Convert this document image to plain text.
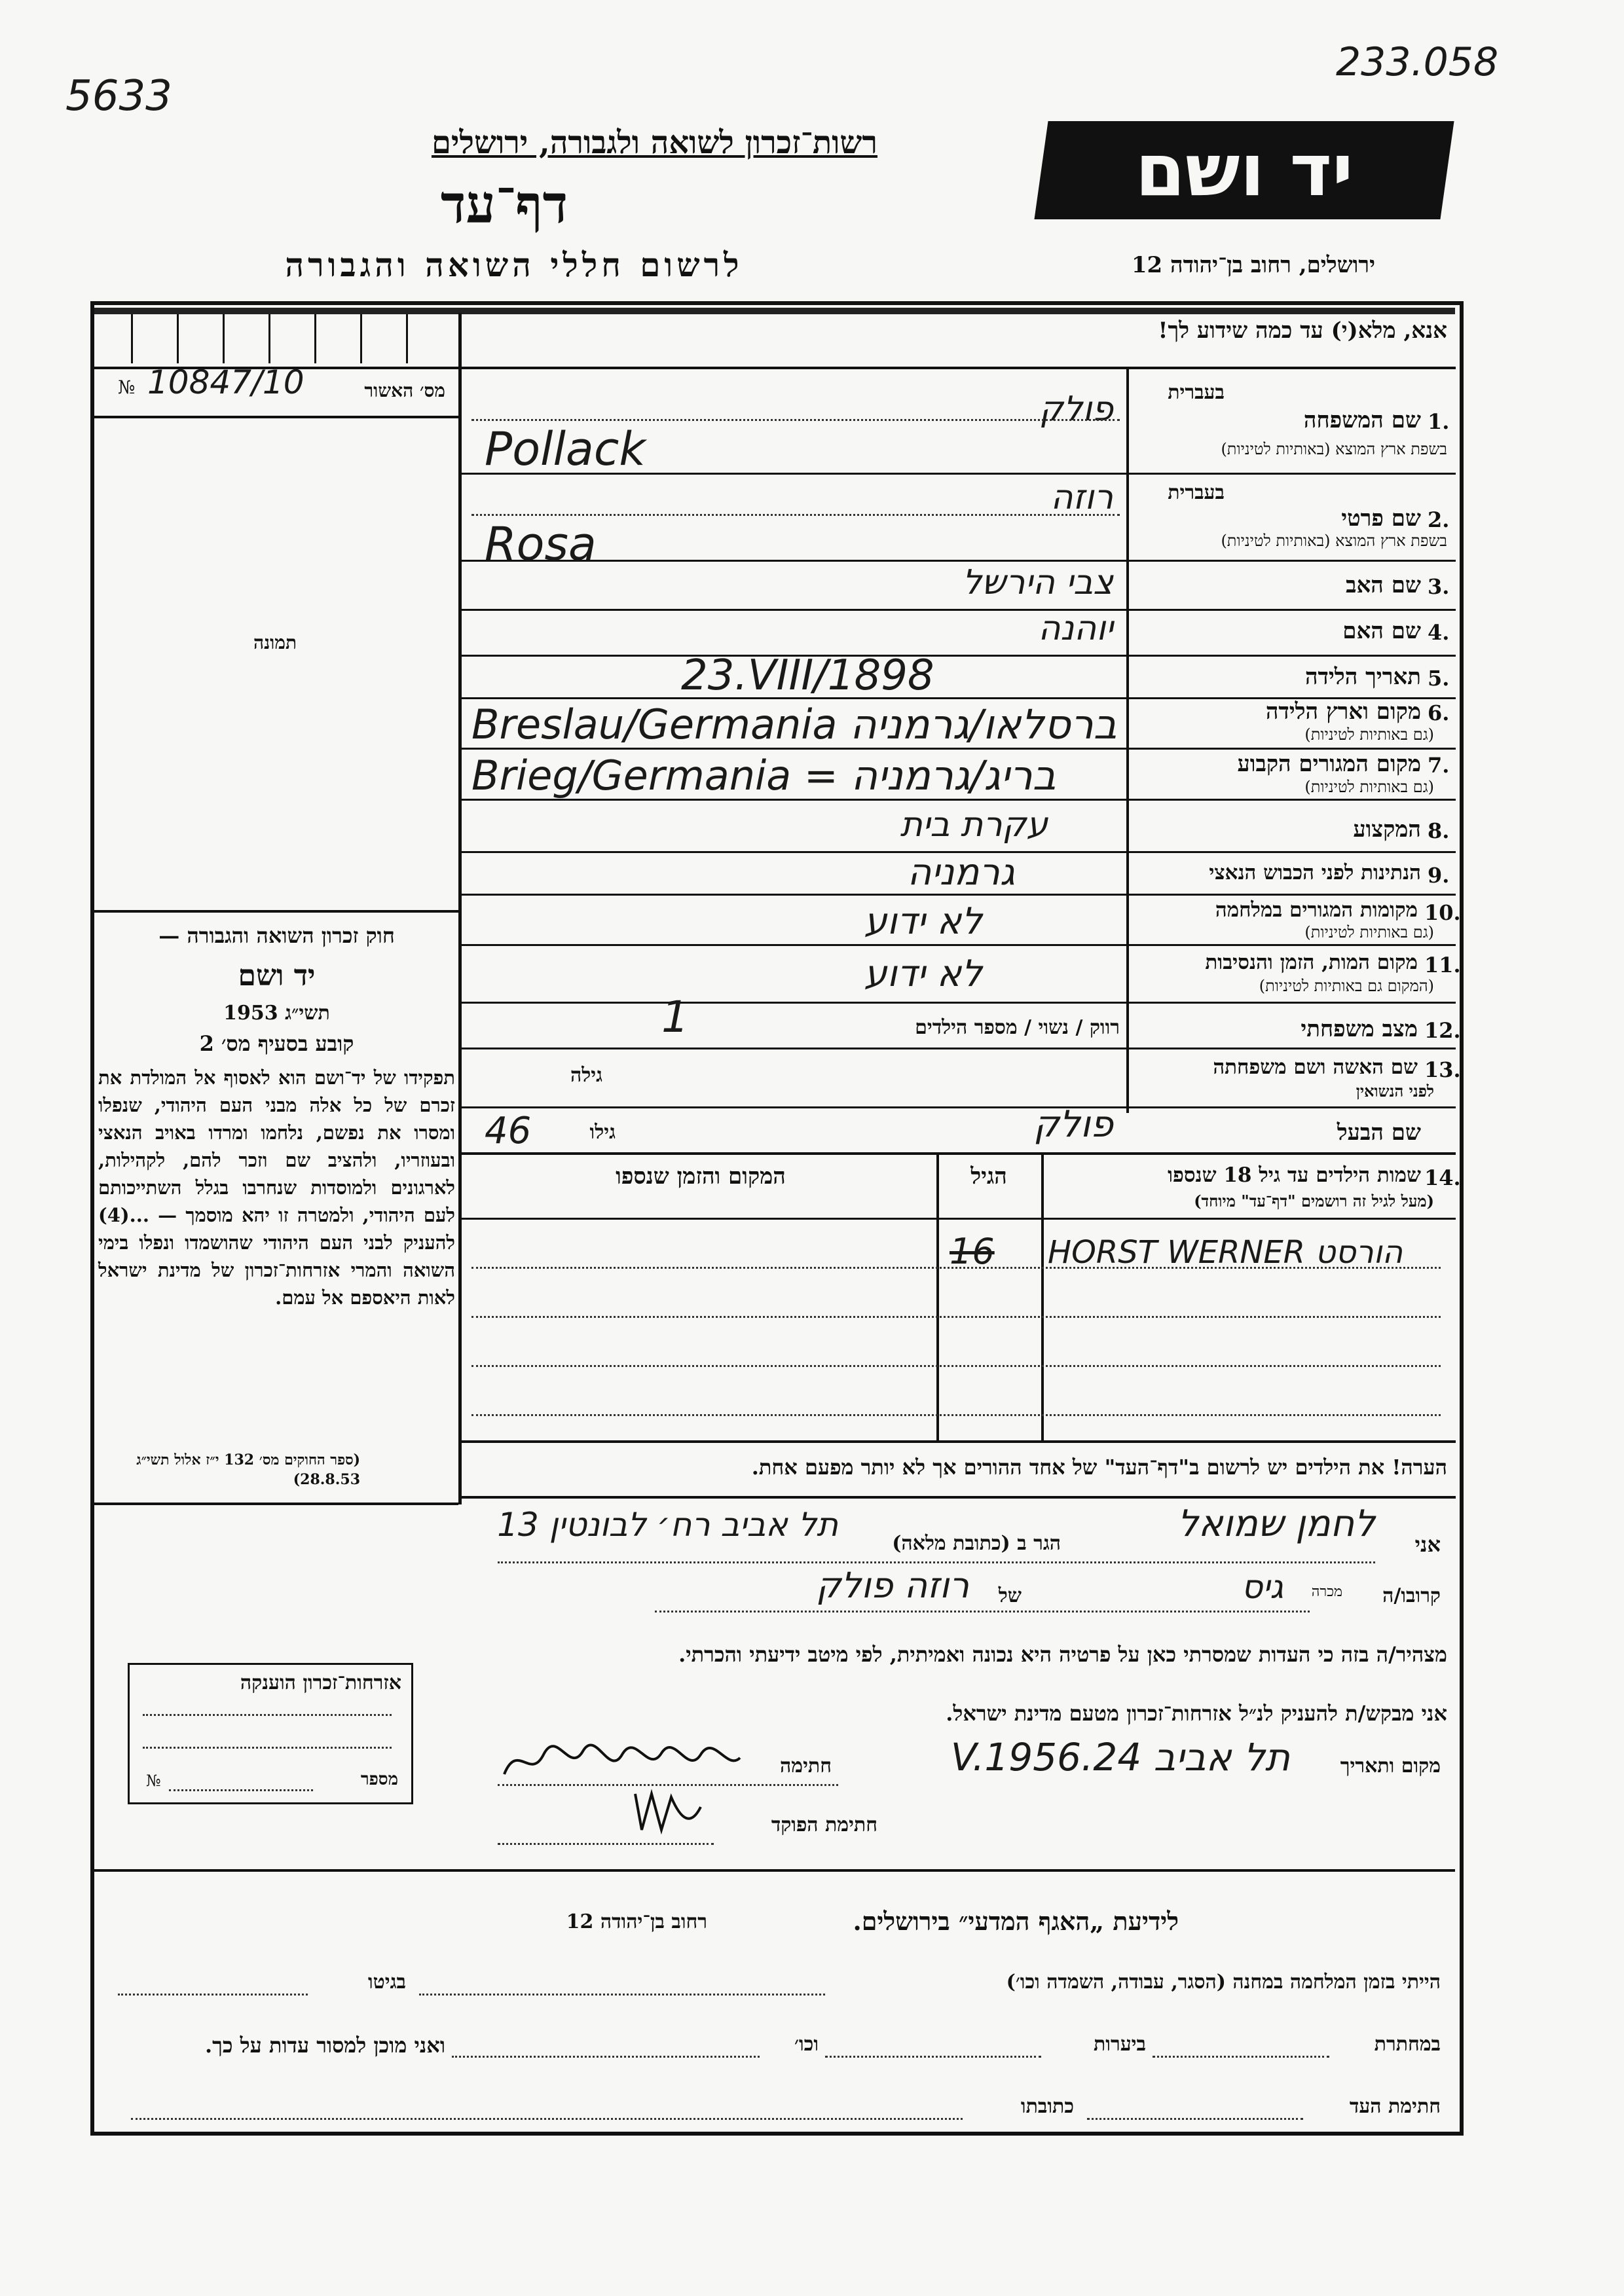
5633
233.058
יד ושם
רשות־זכרון לשואה ולגבורה, ירושלים
דף־עד
לרשום חללי השואה והגבורה	ירושלים, רחוב בן־יהודה 12
№ 10847/10	מס׳ האשור
תמונה
חוק זכרון השואה והגבורה —
יד ושם
תשי״ג 1953
קובע בסעיף מס׳ 2
תפקידו של יד־ושם הוא לאסוף אל המולדת את זכרם של כל אלה מבני העם היהודי, שנפלו ומסרו את נפשם, נלחמו ומרדו באויב הנאצי ובעוזריו, ולהציב שם וזכר להם, לקהילות, לארגונים ולמוסדות שנחרבו בגלל השתייכותם לעם היהודי, ולמטרה זו יהא מוסמך — ...(4) להעניק לבני העם היהודי שהושמדו ונפלו בימי השואה והמרי אזרחות־זכרון של מדינת ישראל לאות היאספם אל עמם.
(ספר החוקים מס׳ 132 י״ז אלול תשי״ג 28.8.53)
אנא, מלא(י) עד כמה שידוע לך!
בעברית
1.
שם המשפחה
בשפת ארץ המוצא (באותיות לטיניות)
פולק
Pollack
בעברית
2.
שם פרטי
בשפת ארץ המוצא (באותיות לטיניות)
רוזה
Rosa
3.
שם האב
צבי הירשל
4.
שם האם
יוהנה
5.
תאריך הלידה
23.VIII/1898
6.
מקום וארץ הלידה
(גם באותיות לטיניות)
Breslau/Germania ברסלאו/גרמניה
7.
מקום המגורים הקבוע
(גם באותיות לטיניות)
Brieg/Germania = בריג/גרמניה
8.
המקצוע
עקרת בית
9.
הנתינות לפני הכבוש הנאצי
גרמניה
10.
מקומות המגורים במלחמה
(גם באותיות לטיניות)
לא ידוע
11.
מקום המות, הזמן והנסיבות
(המקום גם באותיות לטיניות)
לא ידוע
12.
מצב משפחתי
רווק / נשוי / מספר הילדים
1
13.
שם האשה ושם משפחתה
לפני הנשואין
גילה
שם הבעל
פולק
גילו
46
14.
שמות הילדים עד גיל 18 שנספו
(מעל לגיל זה רושמים "דף־עד" מיוחד)
הגיל
המקום והזמן שנספו
HORST WERNER הורסט
16
הערה! את הילדים יש לרשום ב"דף־העד" של אחד ההורים אך לא יותר מפעם אחת.
אני
לחמן שמואל
הגר ב (כתובת מלאה)
תל אביב רח׳ לבונטין 13
קרובו/ה
מכרה
גיס
של
רוזה פולק
מצהיר/ה בזה כי העדות שמסרתי כאן על פרטיה היא נכונה ואמיתית, לפי מיטב ידיעתי והכרתי.
אני מבקש/ת להעניק לנ״ל אזרחות־זכרון מטעם מדינת ישראל.
מקום ותאריך
תל אביב 24.V.1956
חתימה
חתימת הפוקד
אזרחות־זכרון הוענקה
מספר
№
לידיעת „האגף המדעי״ בירושלים.
רחוב בן־יהודה 12
הייתי בזמן המלחמה במחנה (הסגר, עבודה, השמדה וכו׳)
בגיטו
במחתרת
ביערות
וכו׳
ואני מוכן למסור עדות על כך.
חתימת העד
כתובתו
